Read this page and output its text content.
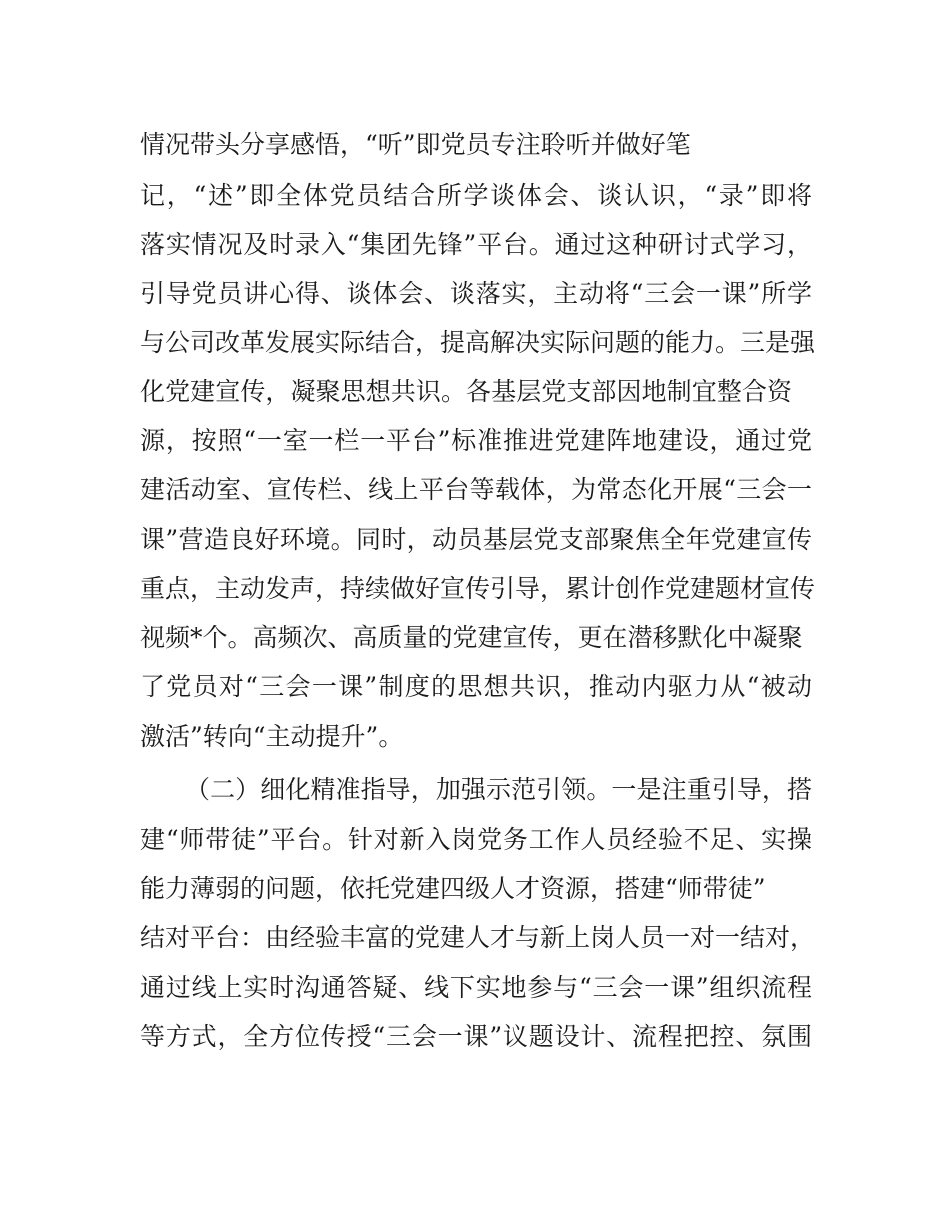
情况带头分享感悟，“听”即党员专注聆听并做好笔
记，“述”即全体党员结合所学谈体会、谈认识，“录”即将
落实情况及时录入“集团先锋”平台。通过这种研讨式学习，
引导党员讲心得、谈体会、谈落实，主动将“三会一课”所学
与公司改革发展实际结合，提高解决实际问题的能力。三是强
化党建宣传，凝聚思想共识。各基层党支部因地制宜整合资
源，按照“一室一栏一平台”标准推进党建阵地建设，通过党
建活动室、宣传栏、线上平台等载体，为常态化开展“三会一
课”营造良好环境。同时，动员基层党支部聚焦全年党建宣传
重点，主动发声，持续做好宣传引导，累计创作党建题材宣传
视频*个。高频次、高质量的党建宣传，更在潜移默化中凝聚
了党员对“三会一课”制度的思想共识，推动内驱力从“被动
激活”转向“主动提升”。
（二）细化精准指导，加强示范引领。一是注重引导，搭
建“师带徒”平台。针对新入岗党务工作人员经验不足、实操
能力薄弱的问题，依托党建四级人才资源，搭建“师带徒”
结对平台：由经验丰富的党建人才与新上岗人员一对一结对，
通过线上实时沟通答疑、线下实地参与“三会一课”组织流程
等方式，全方位传授“三会一课”议题设计、流程把控、氛围
